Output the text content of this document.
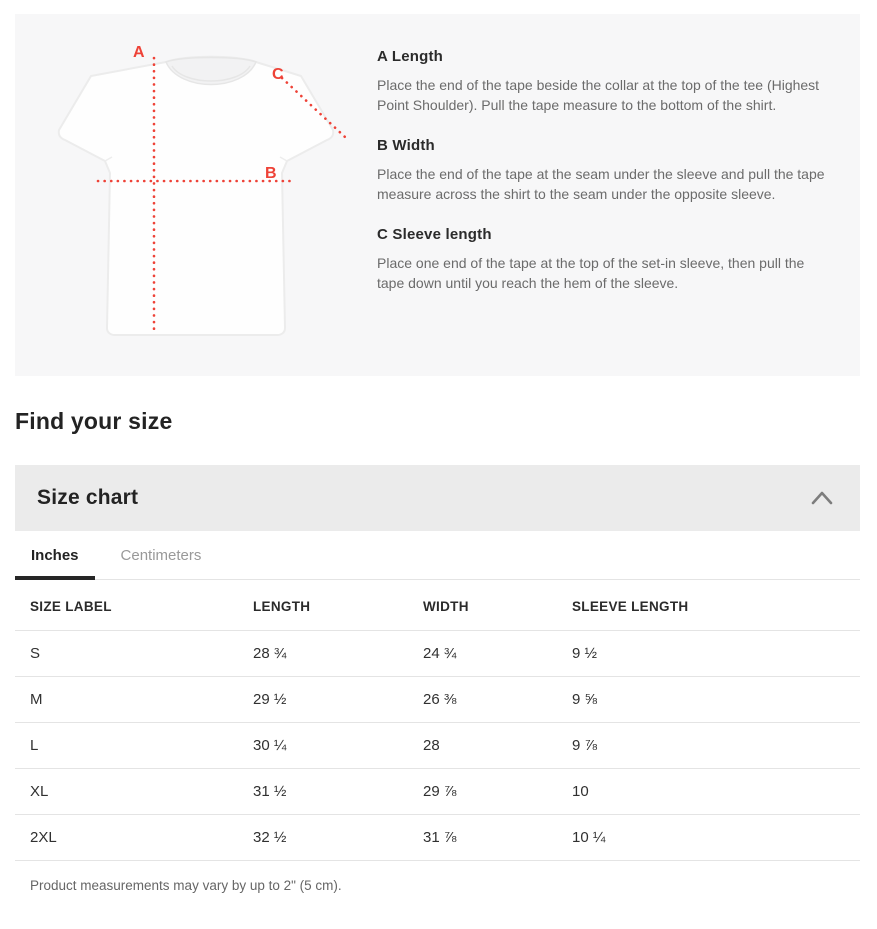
A
B
C
A Length

Place the end of the tape beside the collar at the top of the tee (Highest Point Shoulder). Pull the tape measure to the bottom of the shirt.

B Width

Place the end of the tape at the seam under the sleeve and pull the tape measure across the shirt to the seam under the opposite sleeve.

C Sleeve length

Place one end of the tape at the top of the set-in sleeve, then pull the tape down until you reach the hem of the sleeve.

Find your size
Size chart
Inches	Centimeters
SIZE LABEL	LENGTH	WIDTH	SLEEVE LENGTH
S	28 ¾	24 ¾	9 ½
M	29 ½	26 ⅜	9 ⅝
L	30 ¼	28	9 ⅞
XL	31 ½	29 ⅞	10
2XL	32 ½	31 ⅞	10 ¼

Product measurements may vary by up to 2" (5 cm).
